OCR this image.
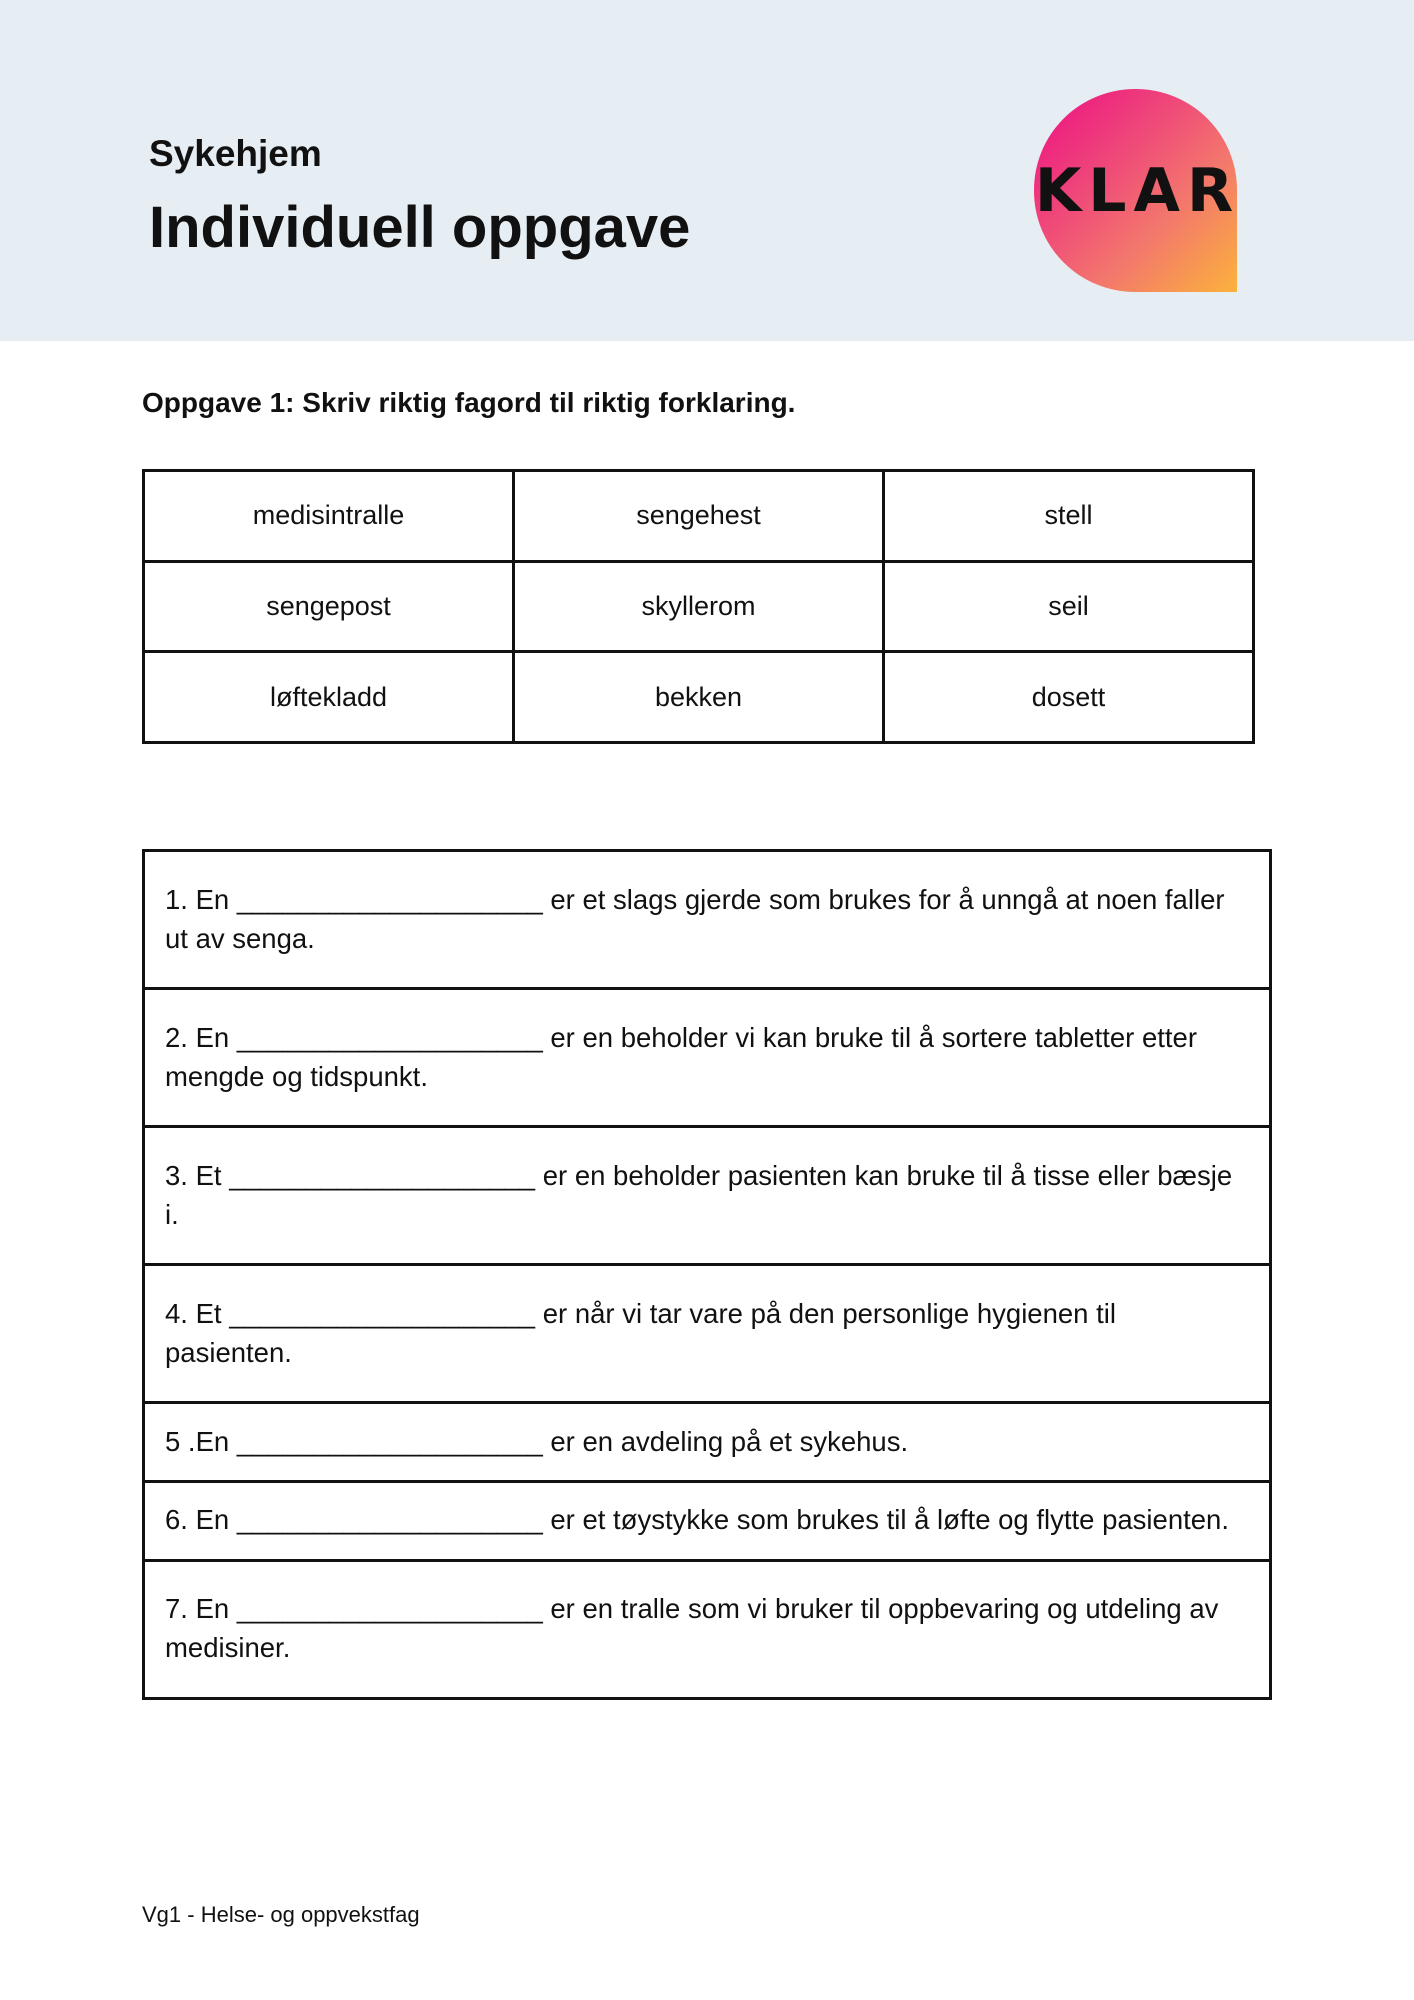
Sykehjem
Individuell oppgave
KLAR
Oppgave 1: Skriv riktig fagord til riktig forklaring.
medisintralle	sengehest	stell
sengepost	skyllerom	seil
løftekladd	bekken	dosett
1. En ____________________ er et slags gjerde som brukes for å unngå at noen faller ut av senga.
2. En ____________________ er en beholder vi kan bruke til å sortere tabletter etter mengde og tidspunkt.
3. Et ____________________ er en beholder pasienten kan bruke til å tisse eller bæsje i.
4. Et ____________________ er når vi tar vare på den personlige hygienen til pasienten.
5 .En ____________________ er en avdeling på et sykehus.
6. En ____________________ er et tøystykke som brukes til å løfte og flytte pasienten.
7. En ____________________ er en tralle som vi bruker til oppbevaring og utdeling av medisiner.
Vg1 - Helse- og oppvekstfag
